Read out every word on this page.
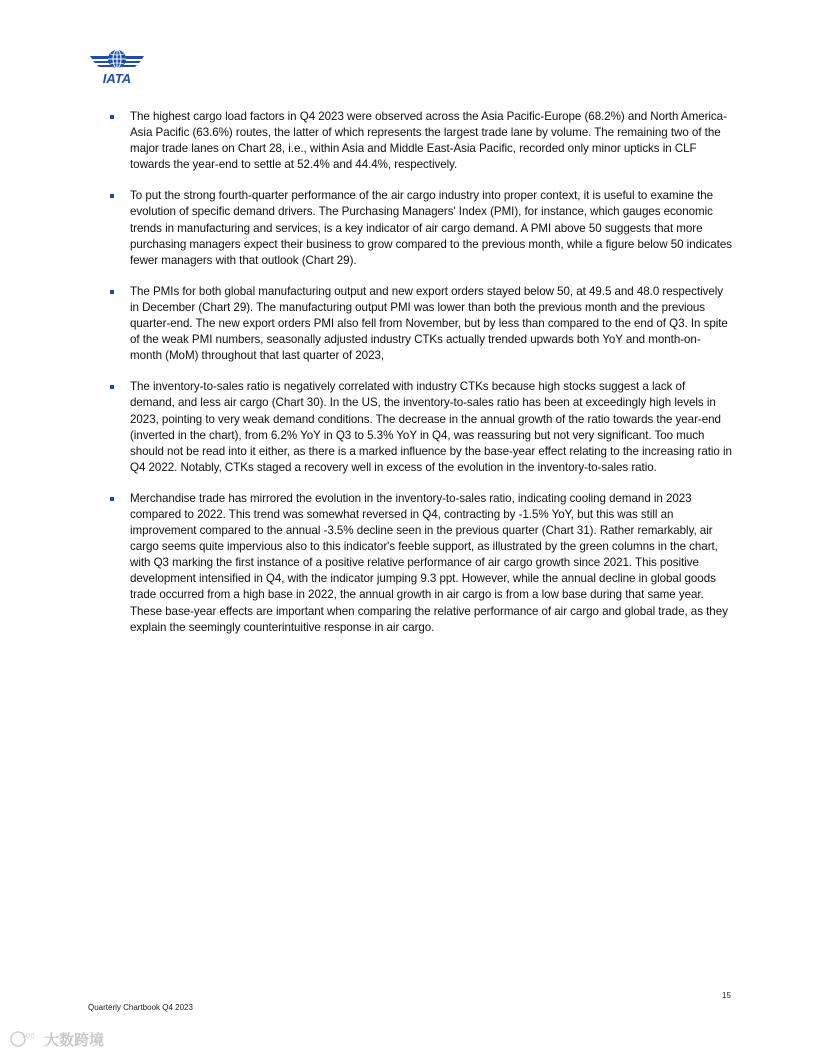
IATA
The highest cargo load factors in Q4 2023 were observed across the Asia Pacific-Europe (68.2%) and North America-Asia Pacific (63.6%) routes, the latter of which represents the largest trade lane by volume. The remaining two of the major trade lanes on Chart 28, i.e., within Asia and Middle East-Asia Pacific, recorded only minor upticks in CLF towards the year-end to settle at 52.4% and 44.4%, respectively.
To put the strong fourth-quarter performance of the air cargo industry into proper context, it is useful to examine the evolution of specific demand drivers. The Purchasing Managers' Index (PMI), for instance, which gauges economic trends in manufacturing and services, is a key indicator of air cargo demand. A PMI above 50 suggests that more purchasing managers expect their business to grow compared to the previous month, while a figure below 50 indicates fewer managers with that outlook (Chart 29).
The PMIs for both global manufacturing output and new export orders stayed below 50, at 49.5 and 48.0 respectively in December (Chart 29). The manufacturing output PMI was lower than both the previous month and the previous quarter-end. The new export orders PMI also fell from November, but by less than compared to the end of Q3. In spite of the weak PMI numbers, seasonally adjusted industry CTKs actually trended upwards both YoY and month-on-month (MoM) throughout that last quarter of 2023,
The inventory-to-sales ratio is negatively correlated with industry CTKs because high stocks suggest a lack of demand, and less air cargo (Chart 30). In the US, the inventory-to-sales ratio has been at exceedingly high levels in 2023, pointing to very weak demand conditions. The decrease in the annual growth of the ratio towards the year-end (inverted in the chart), from 6.2% YoY in Q3 to 5.3% YoY in Q4, was reassuring but not very significant. Too much should not be read into it either, as there is a marked influence by the base-year effect relating to the increasing ratio in Q4 2022. Notably, CTKs staged a recovery well in excess of the evolution in the inventory-to-sales ratio.
Merchandise trade has mirrored the evolution in the inventory-to-sales ratio, indicating cooling demand in 2023 compared to 2022. This trend was somewhat reversed in Q4, contracting by -1.5% YoY, but this was still an improvement compared to the annual -3.5% decline seen in the previous quarter (Chart 31). Rather remarkably, air cargo seems quite impervious also to this indicator's feeble support, as illustrated by the green columns in the chart, with Q3 marking the first instance of a positive relative performance of air cargo growth since 2021. This positive development intensified in Q4, with the indicator jumping 9.3 ppt. However, while the annual decline in global goods trade occurred from a high base in 2022, the annual growth in air cargo is from a low base during that same year. These base-year effects are important when comparing the relative performance of air cargo and global trade, as they explain the seemingly counterintuitive response in air cargo.
15
Quarterly Chartbook Q4 2023
100 大数跨境
